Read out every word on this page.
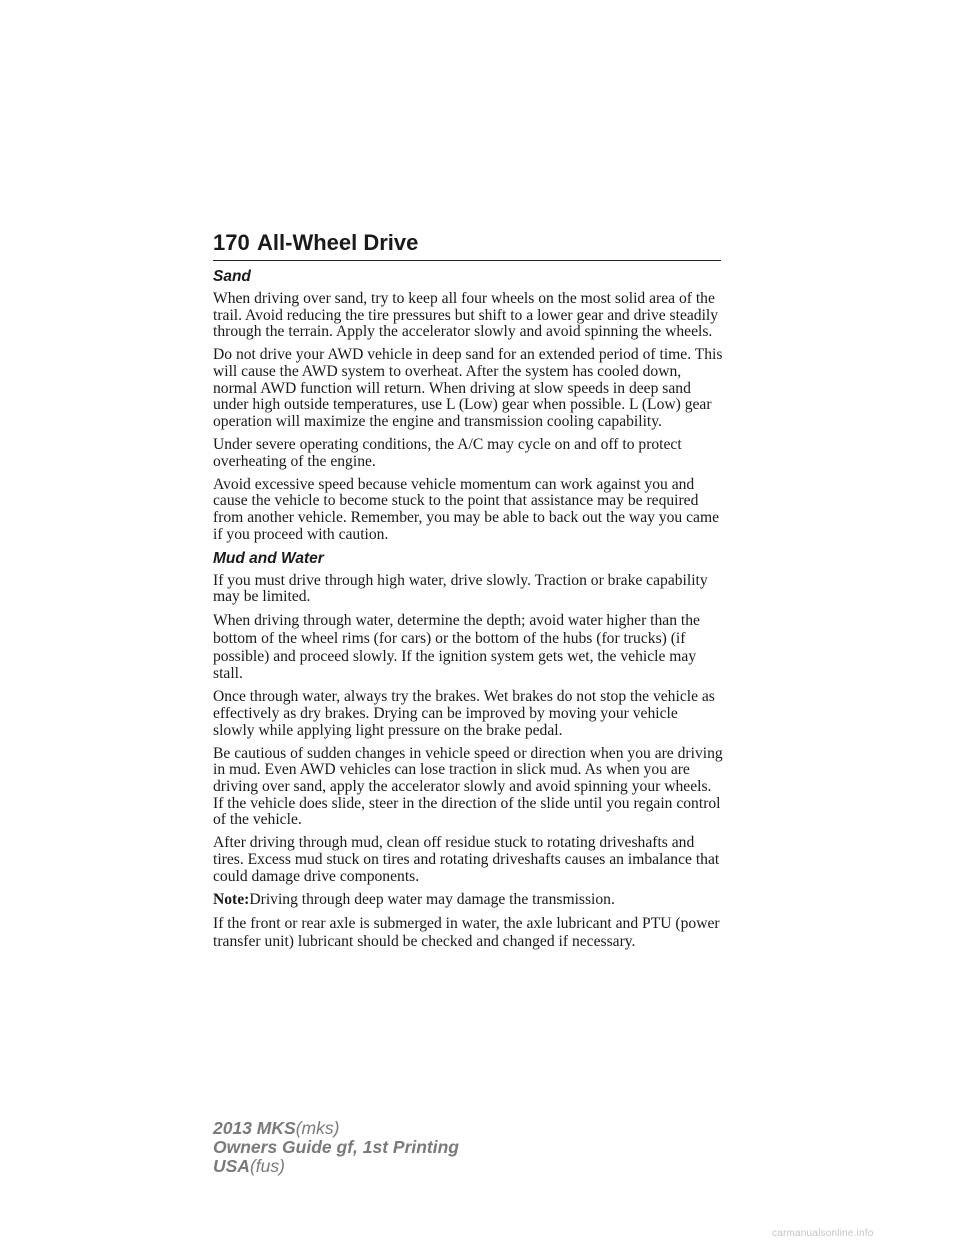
170 All-Wheel Drive
Sand

When driving over sand, try to keep all four wheels on the most solid area of the trail. Avoid reducing the tire pressures but shift to a lower gear and drive steadily through the terrain. Apply the accelerator slowly and avoid spinning the wheels.

Do not drive your AWD vehicle in deep sand for an extended period of time. This will cause the AWD system to overheat. After the system has cooled down, normal AWD function will return. When driving at slow speeds in deep sand under high outside temperatures, use L (Low) gear when possible. L (Low) gear operation will maximize the engine and transmission cooling capability.

Under severe operating conditions, the A/C may cycle on and off to protect overheating of the engine.

Avoid excessive speed because vehicle momentum can work against you and cause the vehicle to become stuck to the point that assistance may be required from another vehicle. Remember, you may be able to back out the way you came if you proceed with caution.

Mud and Water

If you must drive through high water, drive slowly. Traction or brake capability may be limited.

When driving through water, determine the depth; avoid water higher than the bottom of the wheel rims (for cars) or the bottom of the hubs (for trucks) (if possible) and proceed slowly. If the ignition system gets wet, the vehicle may stall.

Once through water, always try the brakes. Wet brakes do not stop the vehicle as effectively as dry brakes. Drying can be improved by moving your vehicle slowly while applying light pressure on the brake pedal.

Be cautious of sudden changes in vehicle speed or direction when you are driving in mud. Even AWD vehicles can lose traction in slick mud. As when you are driving over sand, apply the accelerator slowly and avoid spinning your wheels. If the vehicle does slide, steer in the direction of the slide until you regain control of the vehicle.

After driving through mud, clean off residue stuck to rotating driveshafts and tires. Excess mud stuck on tires and rotating driveshafts causes an imbalance that could damage drive components.

Note:Driving through deep water may damage the transmission.

If the front or rear axle is submerged in water, the axle lubricant and PTU (power transfer unit) lubricant should be checked and changed if necessary.

2013 MKS(mks)
Owners Guide gf, 1st Printing
USA(fus)
carmanualsonline.info
